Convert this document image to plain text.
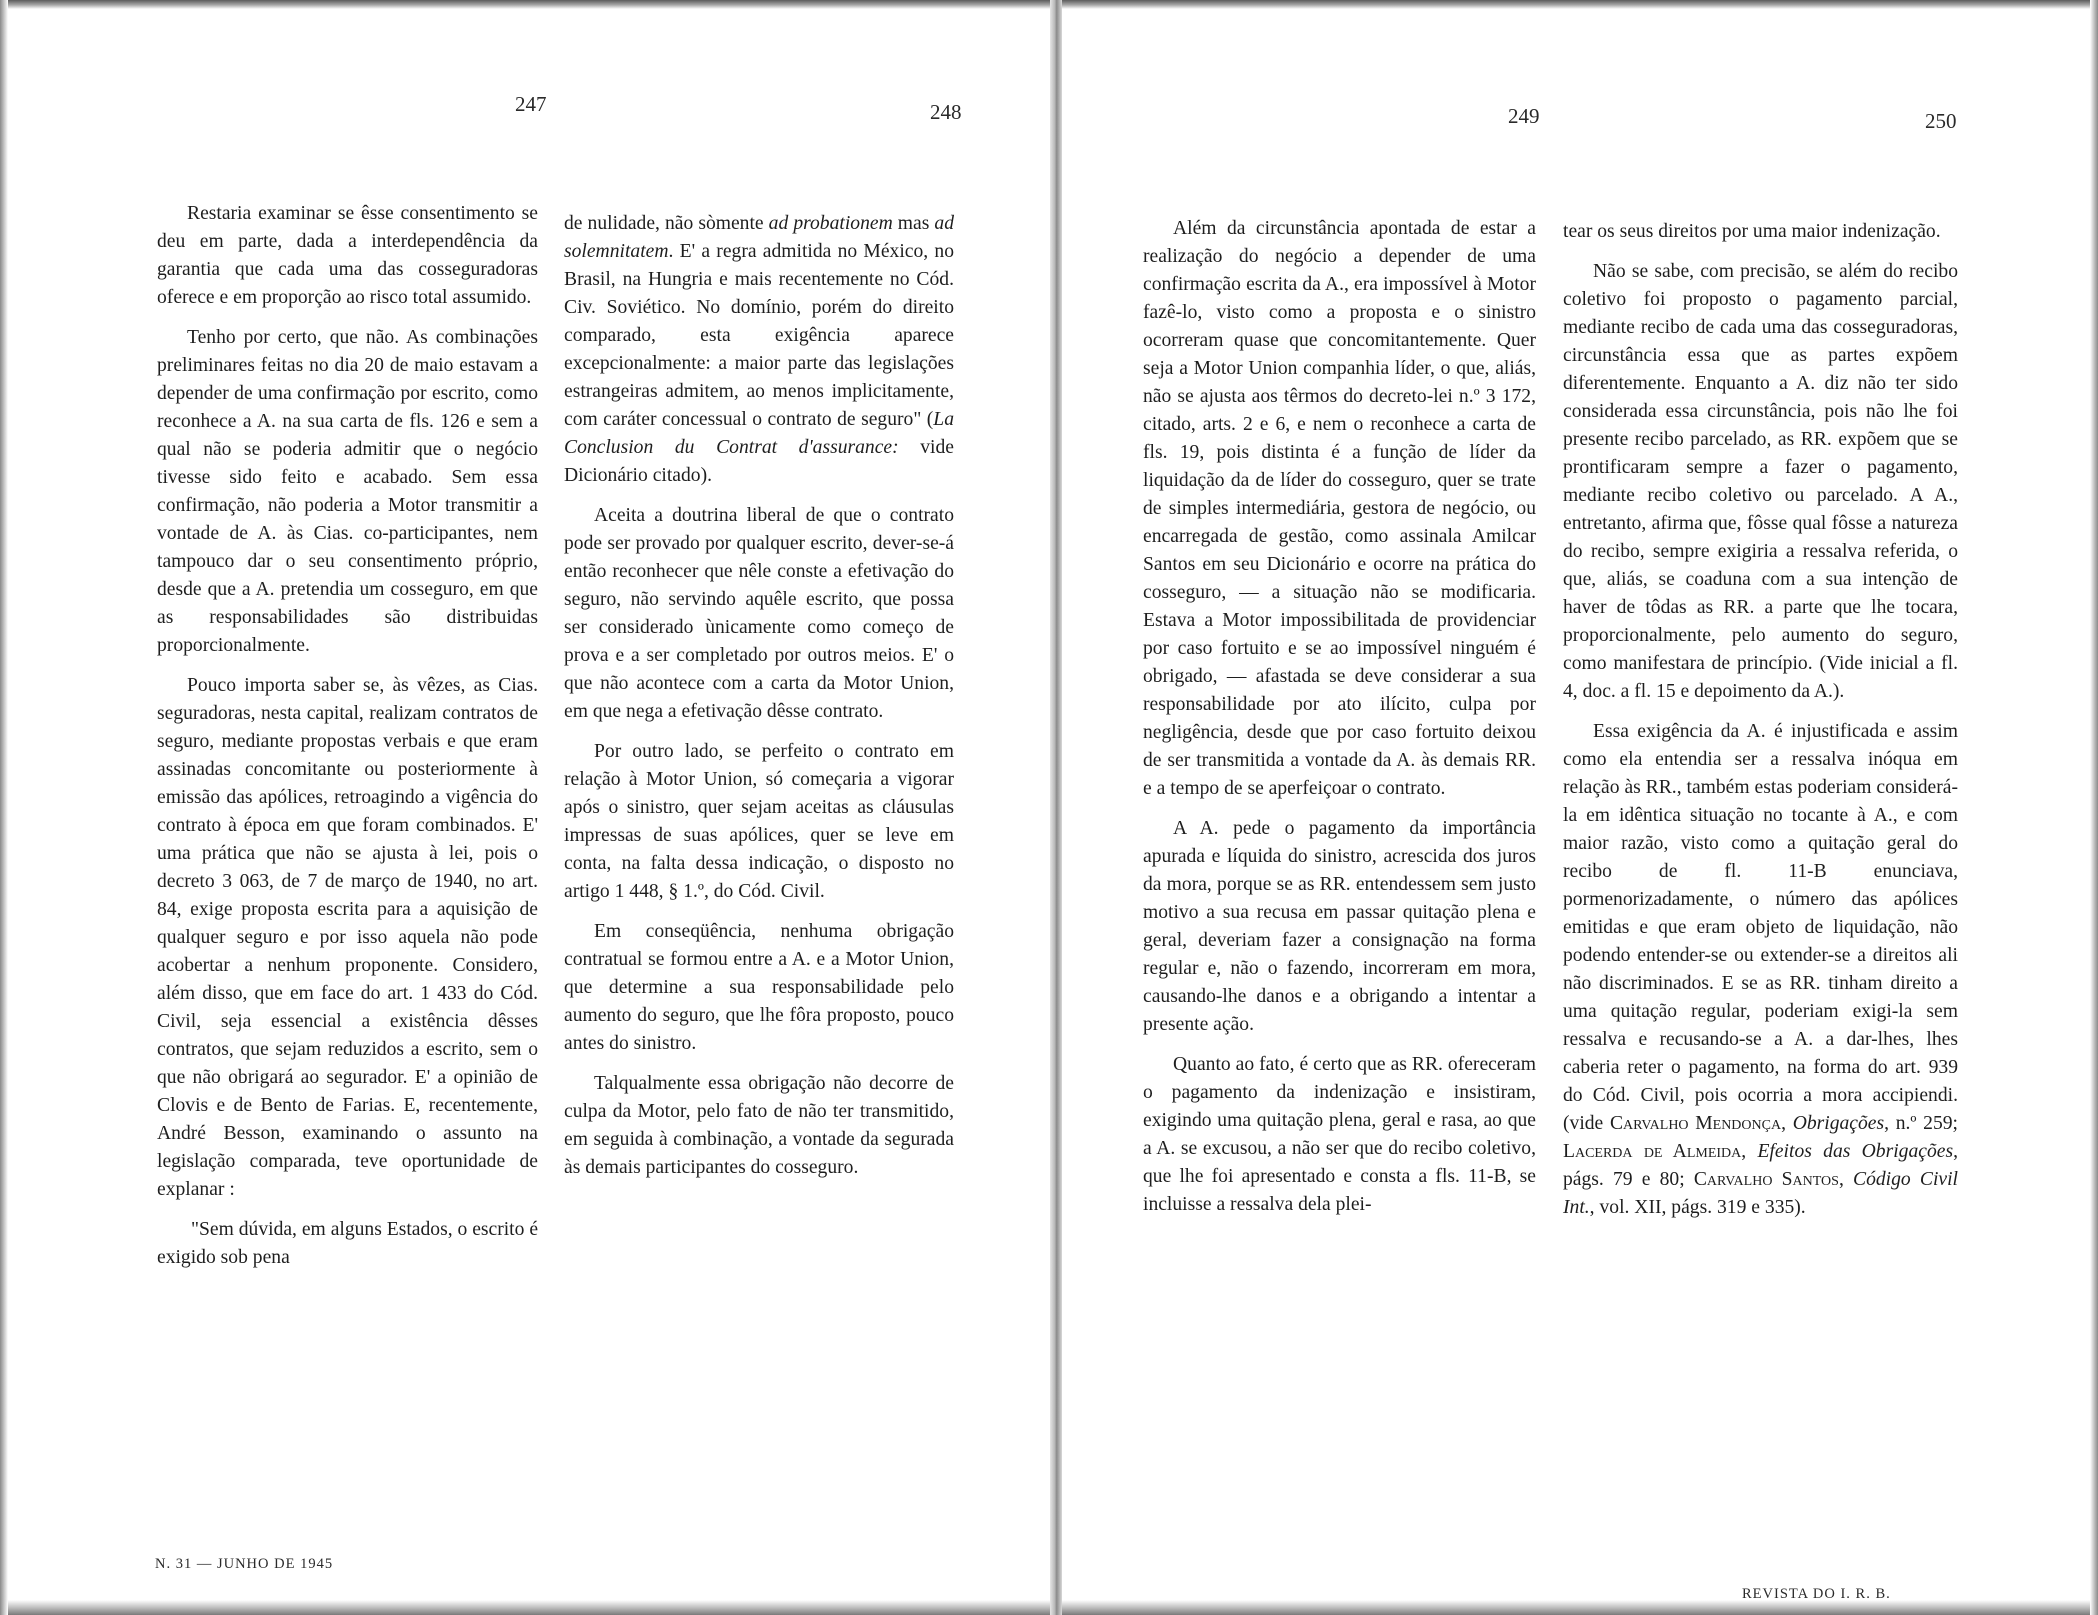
247	248	249	250

Restaria examinar se êsse consentimento se deu em parte, dada a interdependência da garantia que cada uma das cosseguradoras oferece e em proporção ao risco total assumido.

Tenho por certo, que não. As combinações preliminares feitas no dia 20 de maio estavam a depender de uma confirmação por escrito, como reconhece a A. na sua carta de fls. 126 e sem a qual não se poderia admitir que o negócio tivesse sido feito e acabado. Sem essa confirmação, não poderia a Motor transmitir a vontade de A. às Cias. co-participantes, nem tampouco dar o seu consentimento próprio, desde que a A. pretendia um cosseguro, em que as responsabilidades são distribuidas proporcionalmente.

Pouco importa saber se, às vêzes, as Cias. seguradoras, nesta capital, realizam contratos de seguro, mediante propostas verbais e que eram assinadas concomitante ou posteriormente à emissão das apólices, retroagindo a vigência do contrato à época em que foram combinados. E' uma prática que não se ajusta à lei, pois o decreto 3 063, de 7 de março de 1940, no art. 84, exige proposta escrita para a aquisição de qualquer seguro e por isso aquela não pode acobertar a nenhum proponente. Considero, além disso, que em face do art. 1 433 do Cód. Civil, seja essencial a existência dêsses contratos, que sejam reduzidos a escrito, sem o que não obrigará ao segurador. E' a opinião de Clovis e de Bento de Farias. E, recentemente, André Besson, examinando o assunto na legislação comparada, teve oportunidade de explanar :

"Sem dúvida, em alguns Estados, o escrito é exigido sob pena

de nulidade, não sòmente ad probationem mas ad solemnitatem. E' a regra admitida no México, no Brasil, na Hungria e mais recentemente no Cód. Civ. Soviético. No domínio, porém do direito comparado, esta exigência aparece excepcionalmente: a maior parte das legislações estrangeiras admitem, ao menos implicitamente, com caráter concessual o contrato de seguro" (La Conclusion du Contrat d'assurance: vide Dicionário citado).

Aceita a doutrina liberal de que o contrato pode ser provado por qualquer escrito, dever-se-á então reconhecer que nêle conste a efetivação do seguro, não servindo aquêle escrito, que possa ser considerado ùnicamente como começo de prova e a ser completado por outros meios. E' o que não acontece com a carta da Motor Union, em que nega a efetivação dêsse contrato.

Por outro lado, se perfeito o contrato em relação à Motor Union, só começaria a vigorar após o sinistro, quer sejam aceitas as cláusulas impressas de suas apólices, quer se leve em conta, na falta dessa indicação, o disposto no artigo 1 448, § 1.º, do Cód. Civil.

Em conseqüência, nenhuma obrigação contratual se formou entre a A. e a Motor Union, que determine a sua responsabilidade pelo aumento do seguro, que lhe fôra proposto, pouco antes do sinistro.

Talqualmente essa obrigação não decorre de culpa da Motor, pelo fato de não ter transmitido, em seguida à combinação, a vontade da segurada às demais participantes do cosseguro.

Além da circunstância apontada de estar a realização do negócio a depender de uma confirmação escrita da A., era impossível à Motor fazê-lo, visto como a proposta e o sinistro ocorreram quase que concomitantemente. Quer seja a Motor Union companhia líder, o que, aliás, não se ajusta aos têrmos do decreto-lei n.º 3 172, citado, arts. 2 e 6, e nem o reconhece a carta de fls. 19, pois distinta é a função de líder da liquidação da de líder do cosseguro, quer se trate de simples intermediária, gestora de negócio, ou encarregada de gestão, como assinala Amilcar Santos em seu Dicionário e ocorre na prática do cosseguro, — a situação não se modificaria. Estava a Motor impossibilitada de providenciar por caso fortuito e se ao impossível ninguém é obrigado, — afastada se deve considerar a sua responsabilidade por ato ilícito, culpa por negligência, desde que por caso fortuito deixou de ser transmitida a vontade da A. às demais RR. e a tempo de se aperfeiçoar o contrato.

A A. pede o pagamento da importância apurada e líquida do sinistro, acrescida dos juros da mora, porque se as RR. entendessem sem justo motivo a sua recusa em passar quitação plena e geral, deveriam fazer a consignação na forma regular e, não o fazendo, incorreram em mora, causando-lhe danos e a obrigando a intentar a presente ação.

Quanto ao fato, é certo que as RR. ofereceram o pagamento da indenização e insistiram, exigindo uma quitação plena, geral e rasa, ao que a A. se excusou, a não ser que do recibo coletivo, que lhe foi apresentado e consta a fls. 11-B, se incluisse a ressalva dela plei-

tear os seus direitos por uma maior indenização.

Não se sabe, com precisão, se além do recibo coletivo foi proposto o pagamento parcial, mediante recibo de cada uma das cosseguradoras, circunstância essa que as partes expõem diferentemente. Enquanto a A. diz não ter sido considerada essa circunstância, pois não lhe foi presente recibo parcelado, as RR. expõem que se prontificaram sempre a fazer o pagamento, mediante recibo coletivo ou parcelado. A A., entretanto, afirma que, fôsse qual fôsse a natureza do recibo, sempre exigiria a ressalva referida, o que, aliás, se coaduna com a sua intenção de haver de tôdas as RR. a parte que lhe tocara, proporcionalmente, pelo aumento do seguro, como manifestara de princípio. (Vide inicial a fl. 4, doc. a fl. 15 e depoimento da A.).

Essa exigência da A. é injustificada e assim como ela entendia ser a ressalva inóqua em relação às RR., também estas poderiam considerá-la em idêntica situação no tocante à A., e com maior razão, visto como a quitação geral do recibo de fl. 11-B enunciava, pormenorizadamente, o número das apólices emitidas e que eram objeto de liquidação, não podendo entender-se ou extender-se a direitos ali não discriminados. E se as RR. tinham direito a uma quitação regular, poderiam exigi-la sem ressalva e recusando-se a A. a dar-lhes, lhes caberia reter o pagamento, na forma do art. 939 do Cód. Civil, pois ocorria a mora accipiendi. (vide Carvalho Mendonça, Obrigações, n.º 259; Lacerda de Almeida, Efeitos das Obrigações, págs. 79 e 80; Carvalho Santos, Código Civil Int., vol. XII, págs. 319 e 335).

N. 31 — JUNHO DE 1945
REVISTA DO I. R. B.
